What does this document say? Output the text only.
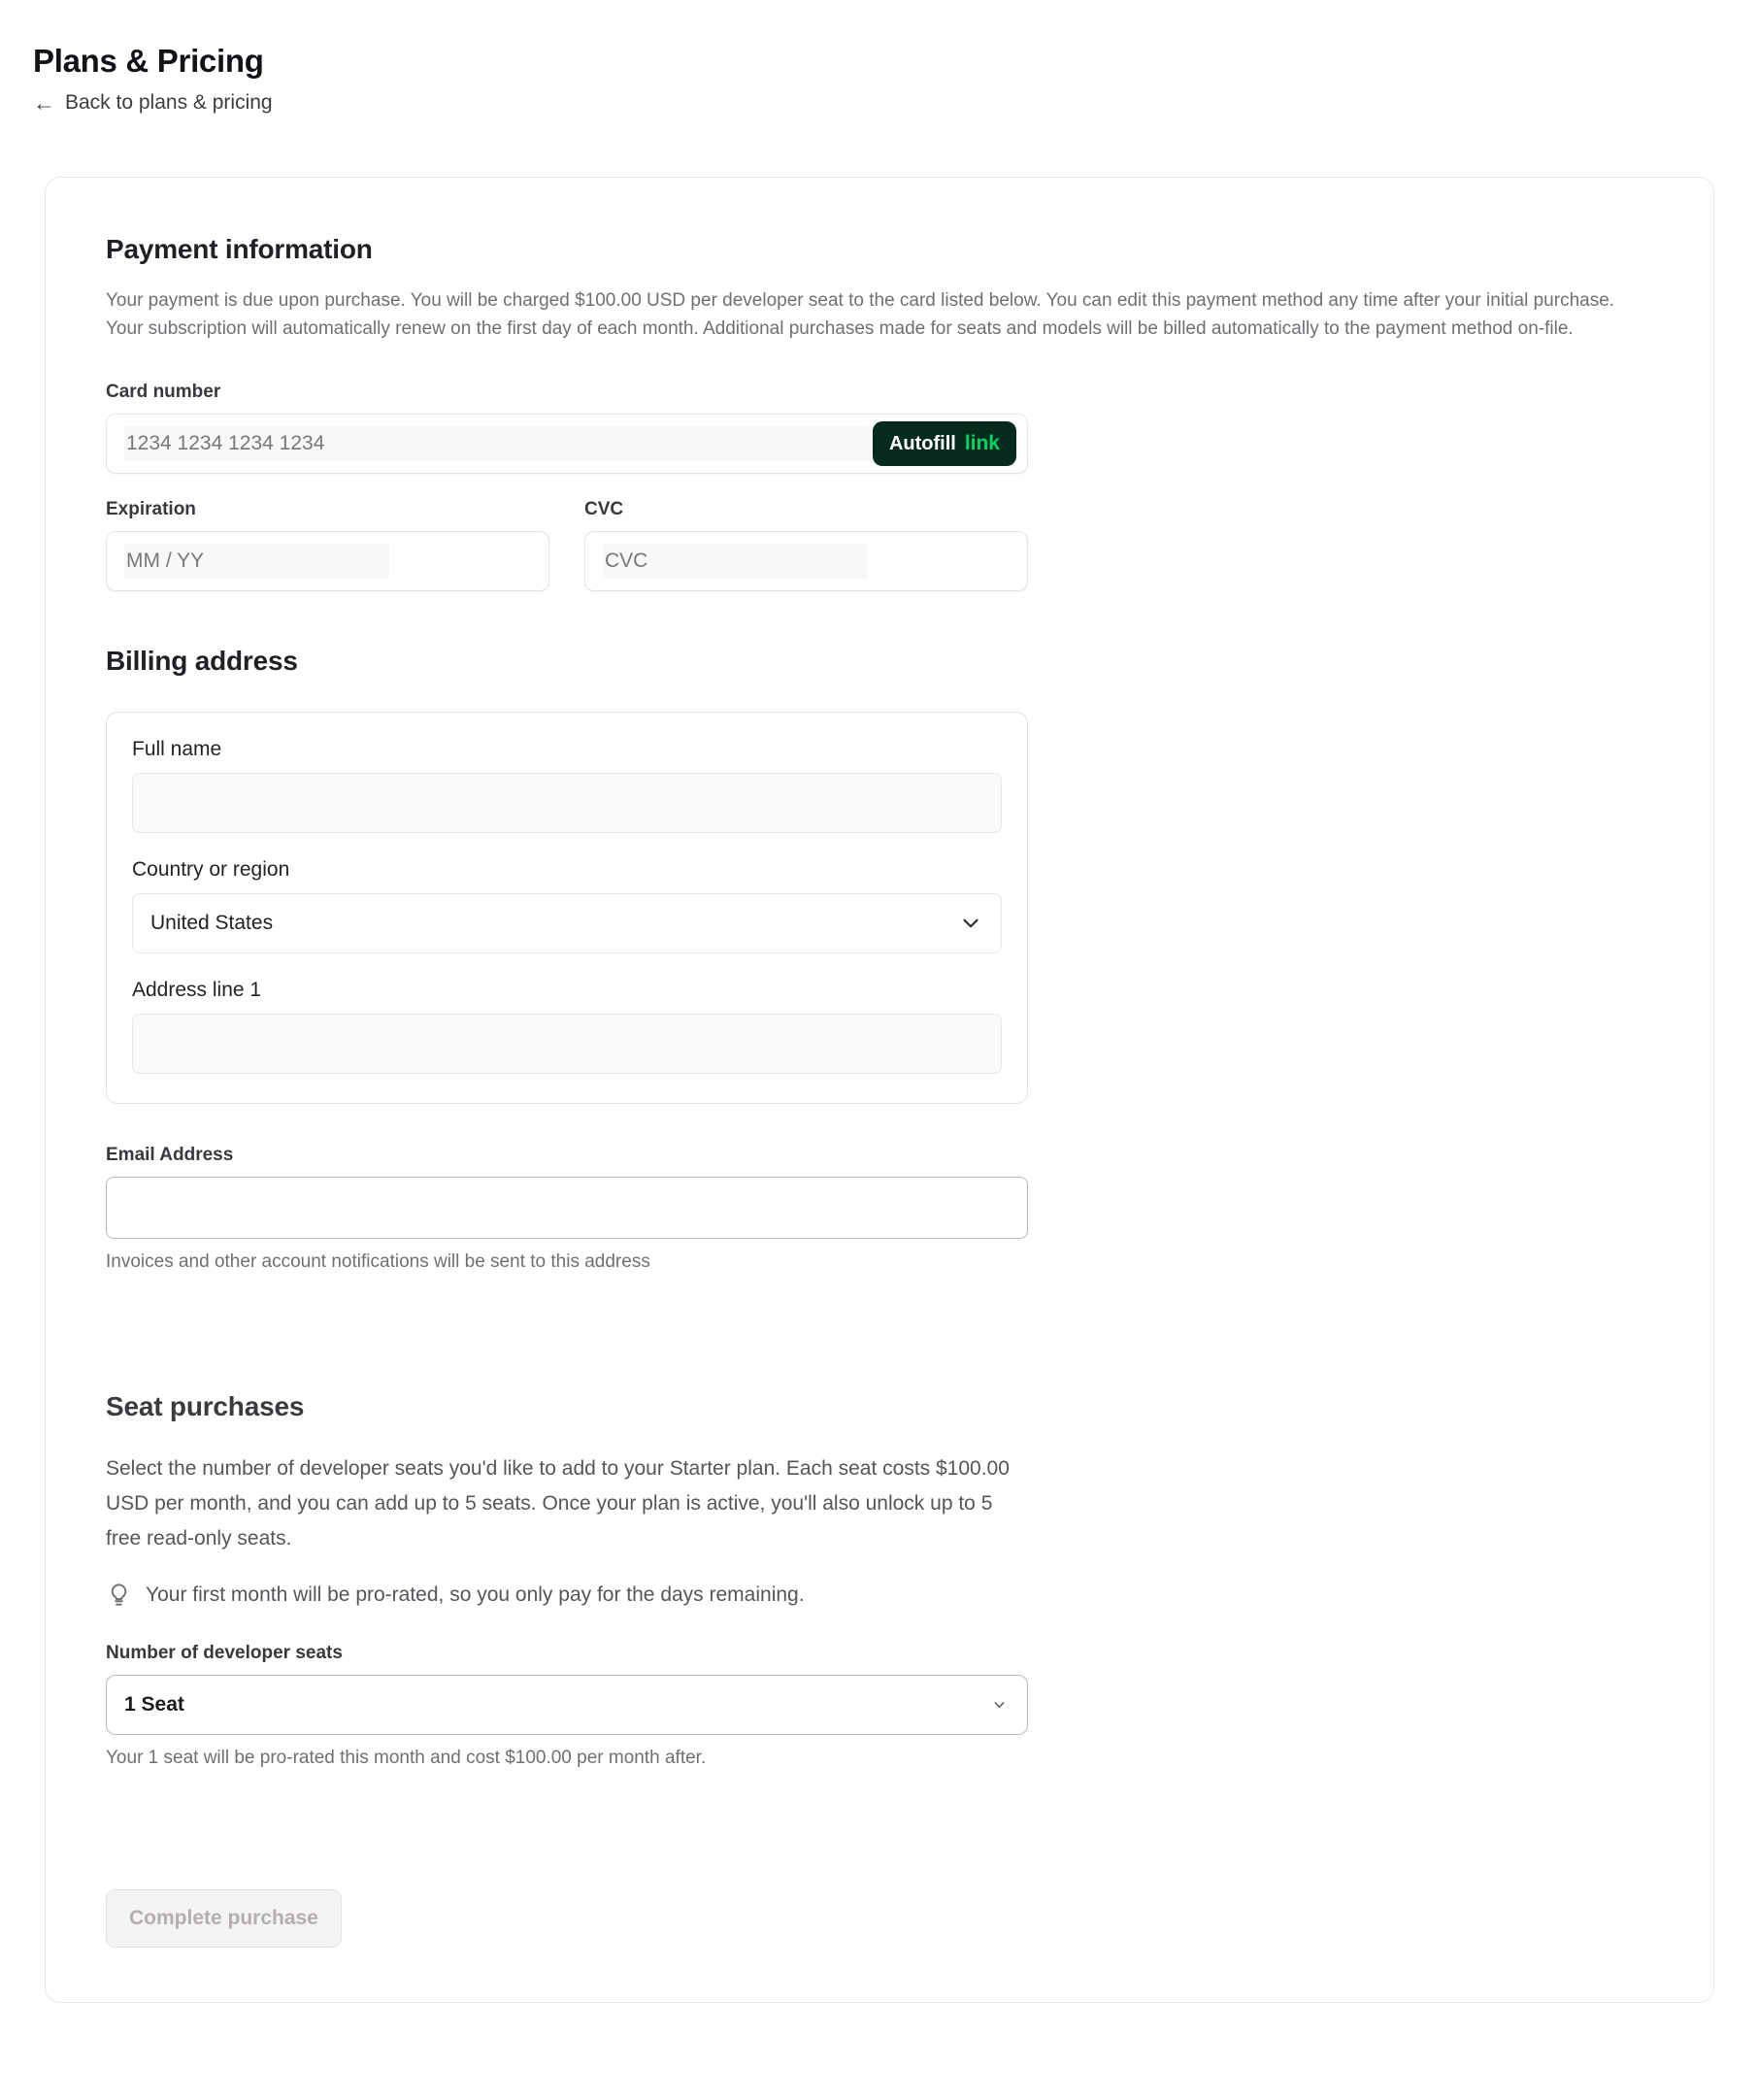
Plans & Pricing
← Back to plans & pricing
Payment information

Your payment is due upon purchase. You will be charged $100.00 USD per developer seat to the card listed below. You can edit this payment method any time after your initial purchase. Your subscription will automatically renew on the first day of each month. Additional purchases made for seats and models will be billed automatically to the payment method on-file.

Card number
1234 1234 1234 1234
Autofill link
Expiration
MM / YY	CVC
CVC
Billing address
Full name
Country or region
United States
Address line 1
Email Address
Invoices and other account notifications will be sent to this address
Seat purchases

Select the number of developer seats you'd like to add to your Starter plan. Each seat costs $100.00 USD per month, and you can add up to 5 seats. Once your plan is active, you'll also unlock up to 5 free read-only seats.

Your first month will be pro-rated, so you only pay for the days remaining.
Number of developer seats
1 Seat
Your 1 seat will be pro-rated this month and cost $100.00 per month after.
Complete purchase
